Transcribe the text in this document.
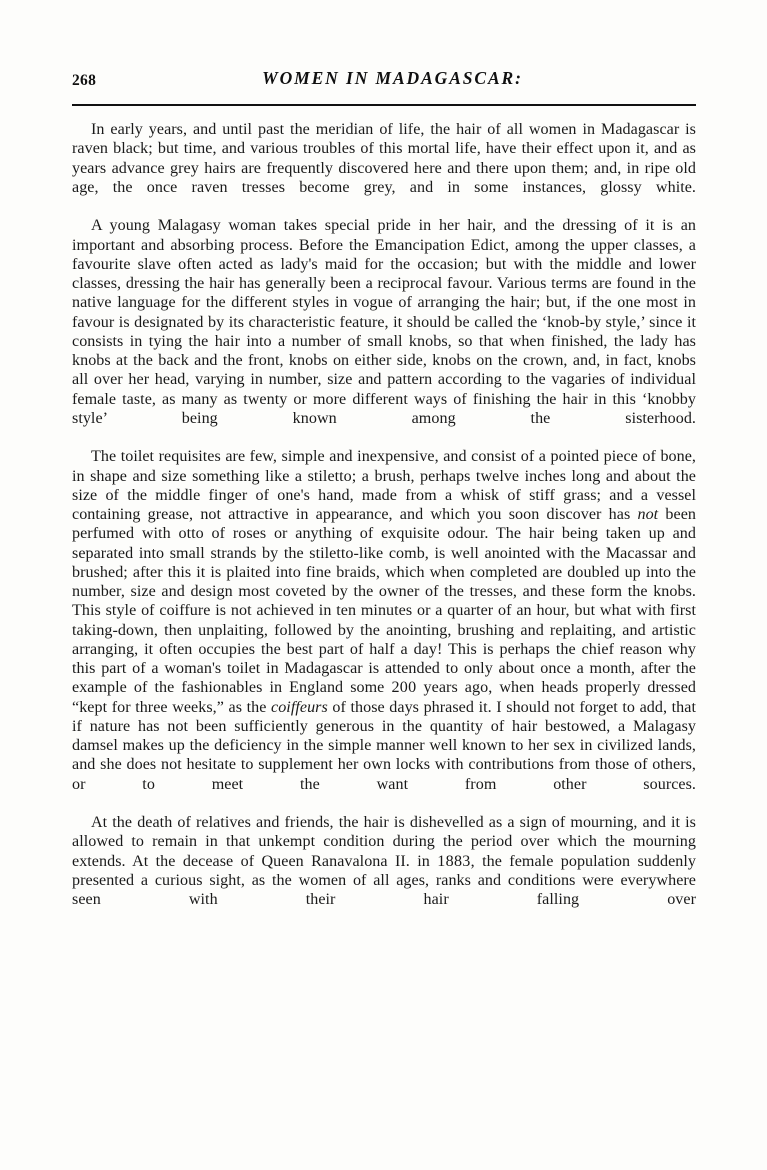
268	WOMEN IN MADAGASCAR:

In early years, and until past the meridian of life, the hair of all women in Madagascar is raven black; but time, and various troubles of this mortal life, have their effect upon it, and as years advance grey hairs are frequently discovered here and there upon them; and, in ripe old age, the once raven tresses become grey, and in some instances, glossy white.

A young Malagasy woman takes special pride in her hair, and the dressing of it is an important and absorbing process. Before the Emancipation Edict, among the upper classes, a favourite slave often acted as lady's maid for the occasion; but with the middle and lower classes, dressing the hair has generally been a reciprocal favour. Various terms are found in the native language for the different styles in vogue of arranging the hair; but, if the one most in favour is designated by its characteristic feature, it should be called the ‘knob-by style,’ since it consists in tying the hair into a number of small knobs, so that when finished, the lady has knobs at the back and the front, knobs on either side, knobs on the crown, and, in fact, knobs all over her head, varying in number, size and pattern according to the vagaries of individual female taste, as many as twenty or more different ways of finishing the hair in this ‘knobby style’ being known among the sisterhood.

The toilet requisites are few, simple and inexpensive, and consist of a pointed piece of bone, in shape and size something like a stiletto; a brush, perhaps twelve inches long and about the size of the middle finger of one's hand, made from a whisk of stiff grass; and a vessel containing grease, not attractive in appearance, and which you soon discover has not been perfumed with otto of roses or anything of exquisite odour. The hair being taken up and separated into small strands by the stiletto-like comb, is well anointed with the Macassar and brushed; after this it is plaited into fine braids, which when completed are doubled up into the number, size and design most coveted by the owner of the tresses, and these form the knobs. This style of coiffure is not achieved in ten minutes or a quarter of an hour, but what with first taking-down, then unplaiting, followed by the anointing, brushing and replaiting, and artistic arranging, it often occupies the best part of half a day! This is perhaps the chief reason why this part of a woman's toilet in Madagascar is attended to only about once a month, after the example of the fashionables in England some 200 years ago, when heads properly dressed “kept for three weeks,” as the coiffeurs of those days phrased it. I should not forget to add, that if nature has not been sufficiently generous in the quantity of hair bestowed, a Malagasy damsel makes up the deficiency in the simple manner well known to her sex in civilized lands, and she does not hesitate to supplement her own locks with contributions from those of others, or to meet the want from other sources.

At the death of relatives and friends, the hair is dishevelled as a sign of mourning, and it is allowed to remain in that unkempt condition during the period over which the mourning extends. At the decease of Queen Ranavalona II. in 1883, the female population suddenly presented a curious sight, as the women of all ages, ranks and conditions were everywhere seen with their hair falling over
